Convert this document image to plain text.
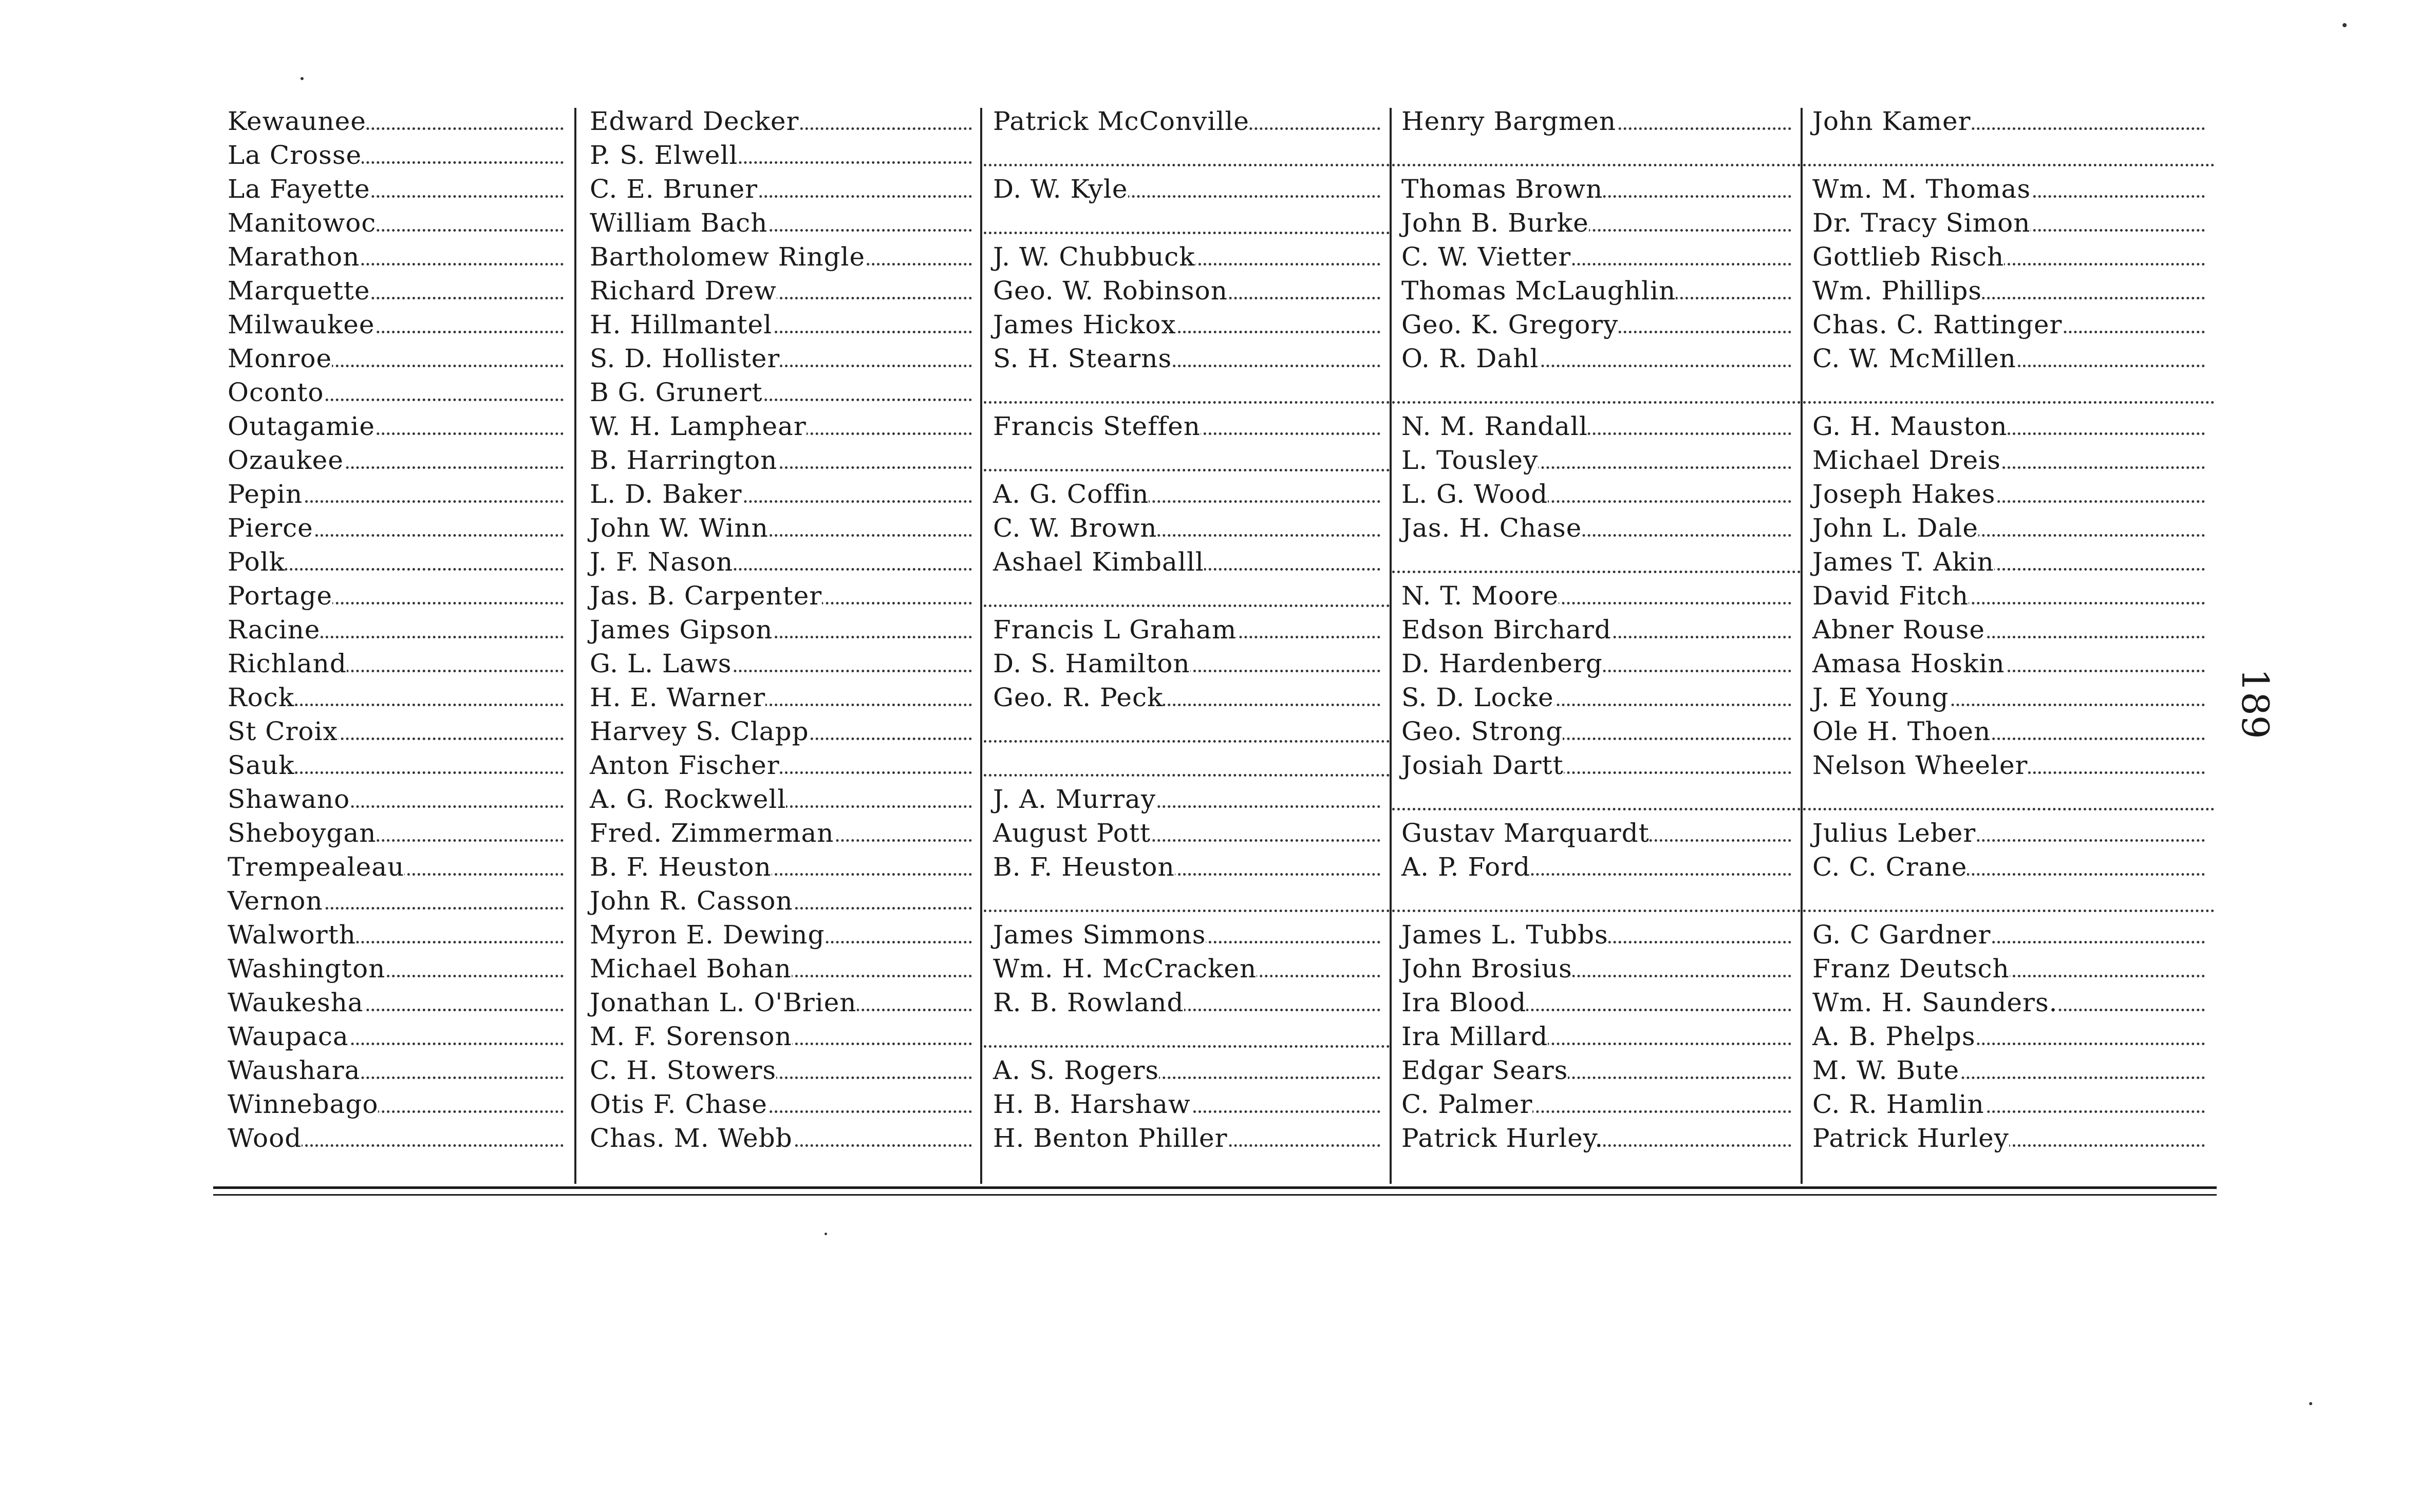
Kewaunee
La Crosse
La Fayette
Manitowoc
Marathon
Marquette
Milwaukee
Monroe
Oconto
Outagamie
Ozaukee
Pepin
Pierce
Polk
Portage
Racine
Richland
Rock
St Croix
Sauk
Shawano
Sheboygan
Trempealeau
Vernon
Walworth
Washington
Waukesha
Waupaca
Waushara
Winnebago
Wood
Edward Decker
P. S. Elwell
C. E. Bruner
William Bach
Bartholomew Ringle
Richard Drew
H. Hillmantel
S. D. Hollister
B G. Grunert
W. H. Lamphear
B. Harrington
L. D. Baker
John W. Winn
J. F. Nason
Jas. B. Carpenter
James Gipson
G. L. Laws
H. E. Warner
Harvey S. Clapp
Anton Fischer
A. G. Rockwell
Fred. Zimmerman
B. F. Heuston
John R. Casson
Myron E. Dewing
Michael Bohan
Jonathan L. O'Brien
M. F. Sorenson
C. H. Stowers
Otis F. Chase
Chas. M. Webb
Patrick McConville
D. W. Kyle
J. W. Chubbuck
Geo. W. Robinson
James Hickox
S. H. Stearns
Francis Steffen
A. G. Coffin
C. W. Brown
Ashael Kimballl
Francis L Graham
D. S. Hamilton
Geo. R. Peck
J. A. Murray
August Pott
B. F. Heuston
James Simmons
Wm. H. McCracken
R. B. Rowland
A. S. Rogers
H. B. Harshaw
H. Benton Philler
Henry Bargmen
Thomas Brown
John B. Burke
C. W. Vietter
Thomas McLaughlin
Geo. K. Gregory
O. R. Dahl
N. M. Randall
L. Tousley
L. G. Wood
Jas. H. Chase
N. T. Moore
Edson Birchard
D. Hardenberg
S. D. Locke
Geo. Strong
Josiah Dartt
Gustav Marquardt
A. P. Ford
James L. Tubbs
John Brosius
Ira Blood
Ira Millard
Edgar Sears
C. Palmer
Patrick Hurley.
John Kamer
Wm. M. Thomas
Dr. Tracy Simon
Gottlieb Risch
Wm. Phillips
Chas. C. Rattinger
C. W. McMillen
G. H. Mauston
Michael Dreis
Joseph Hakes
John L. Dale
James T. Akin
David Fitch
Abner Rouse
Amasa Hoskin
J. E Young
Ole H. Thoen
Nelson Wheeler
Julius Leber
C. C. Crane
G. C Gardner
Franz Deutsch
Wm. H. Saunders.
A. B. Phelps
M. W. Bute
C. R. Hamlin
Patrick Hurley
189
